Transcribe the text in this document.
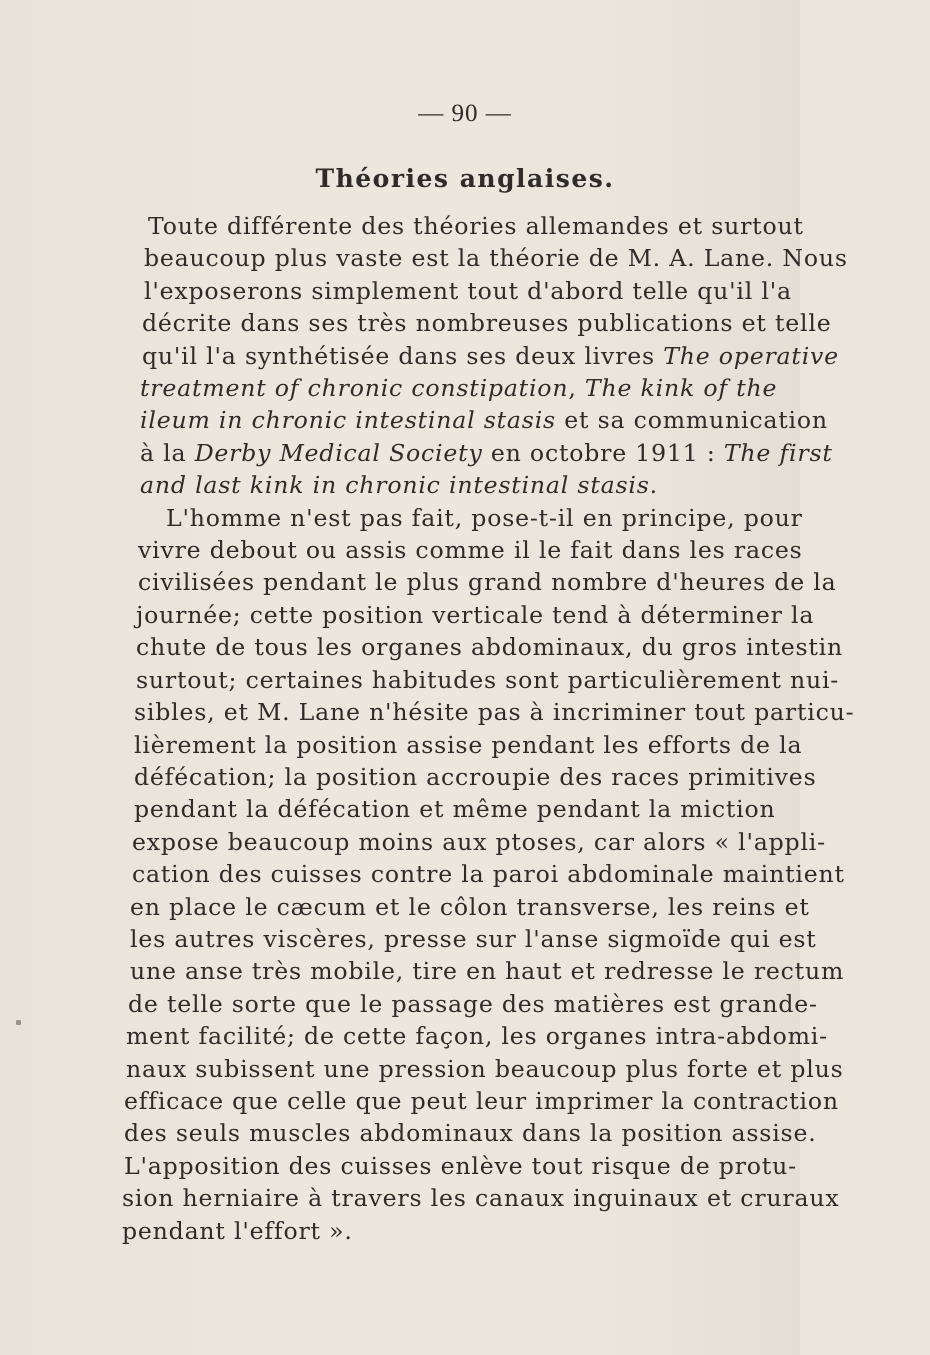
— 90 —
Théories anglaises.
Toute différente des théories allemandes et surtout
beaucoup plus vaste est la théorie de M. A. Lane. Nous
l'exposerons simplement tout d'abord telle qu'il l'a
décrite dans ses très nombreuses publications et telle
qu'il l'a synthétisée dans ses deux livres The operative
treatment of chronic constipation, The kink of the
ileum in chronic intestinal stasis et sa communication
à la Derby Medical Society en octobre 1911 : The first
and last kink in chronic intestinal stasis.
L'homme n'est pas fait, pose-t-il en principe, pour
vivre debout ou assis comme il le fait dans les races
civilisées pendant le plus grand nombre d'heures de la
journée; cette position verticale tend à déterminer la
chute de tous les organes abdominaux, du gros intestin
surtout; certaines habitudes sont particulièrement nui-
sibles, et M. Lane n'hésite pas à incriminer tout particu-
lièrement la position assise pendant les efforts de la
défécation; la position accroupie des races primitives
pendant la défécation et même pendant la miction
expose beaucoup moins aux ptoses, car alors « l'appli-
cation des cuisses contre la paroi abdominale maintient
en place le cæcum et le côlon transverse, les reins et
les autres viscères, presse sur l'anse sigmoïde qui est
une anse très mobile, tire en haut et redresse le rectum
de telle sorte que le passage des matières est grande-
ment facilité; de cette façon, les organes intra-abdomi-
naux subissent une pression beaucoup plus forte et plus
efficace que celle que peut leur imprimer la contraction
des seuls muscles abdominaux dans la position assise.
L'apposition des cuisses enlève tout risque de protu-
sion herniaire à travers les canaux inguinaux et cruraux
pendant l'effort ».
